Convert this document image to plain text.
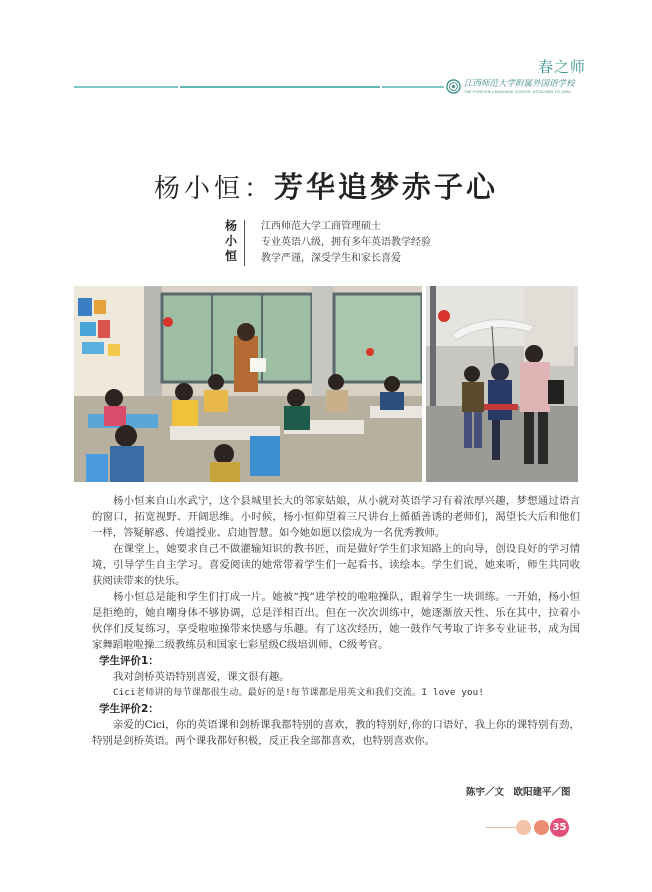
春之师
江西师范大学附属外国语学校
THE FOREIGN LANGUAGE SCHOOL ATTACHED TO JXNU
杨小恒： 芳华追梦赤子心
杨
小
恒
江西师范大学工商管理硕士
专业英语八级，拥有多年英语教学经验
教学严谨，深受学生和家长喜爱

杨小恒来自山水武宁，这个县城里长大的邻家姑娘，从小就对英语学习有着浓厚兴趣，梦想通过语言的窗口，拓宽视野、开阔思维。小时候，杨小恒仰望着三尺讲台上循循善诱的老师们，渴望长大后和他们一样，答疑解惑、传道授业、启迪智慧。如今她如愿以偿成为一名优秀教师。

在课堂上，她要求自己不做灌输知识的教书匠，而是做好学生们求知路上的向导，创设良好的学习情境，引导学生自主学习。喜爱阅读的她常带着学生们一起看书、读绘本。学生们说，她来听，师生共同收获阅读带来的快乐。

杨小恒总是能和学生们打成一片。她被“拽”进学校的啦啦操队，跟着学生一块训练。一开始，杨小恒是拒绝的，她自嘲身体不够协调，总是洋相百出。但在一次次训练中，她逐渐放天性、乐在其中，拉着小伙伴们反复练习，享受啦啦操带来快感与乐趣。有了这次经历，她一鼓作气考取了许多专业证书，成为国家舞蹈啦啦操二级教练员和国家七彩星级C级培训师、C级考官。

学生评价1：

我对剑桥英语特别喜爱，课文很有趣。

Cici老师讲的每节课都很生动。最好的是!每节课都是用英文和我们交流。I love you!

学生评价2：

亲爱的Cici，你的英语课和剑桥课我都特别的喜欢，教的特别好,你的口语好，我上你的课特别有劲，特别是剑桥英语。两个课我都好积极，反正我全部都喜欢，也特别喜欢你。

陈宇／文　欧阳建平／图
35
